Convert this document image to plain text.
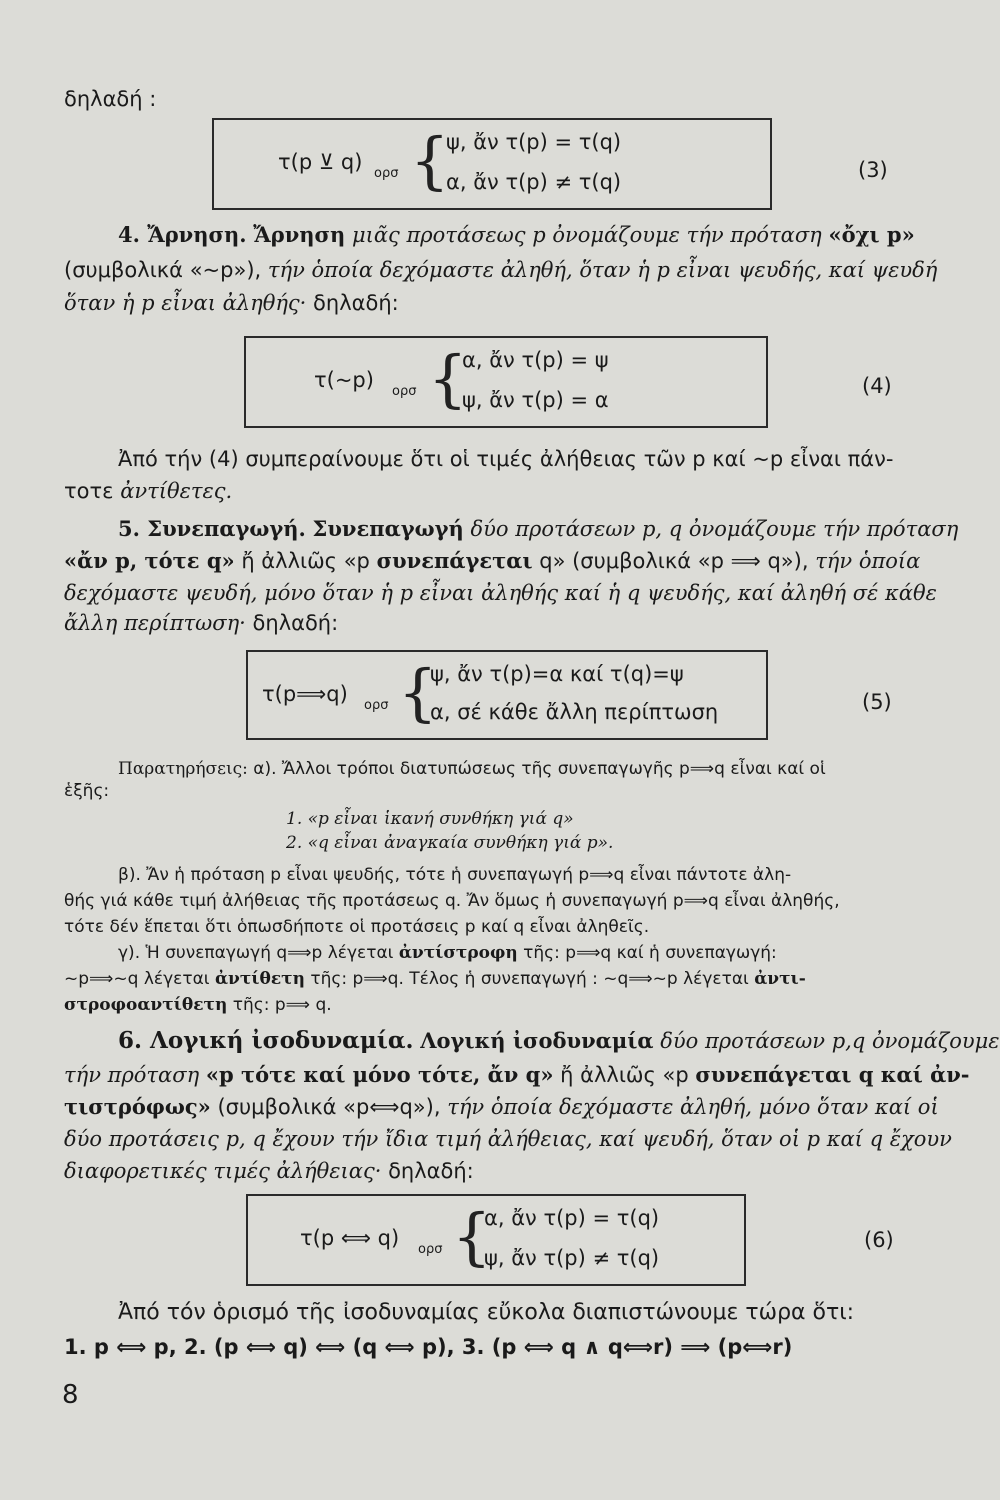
δηλαδή :
τ(p ⊻ q) ορσ {
ψ, ἄν τ(p) = τ(q)
α, ἄν τ(p) ≠ τ(q)	(3)
4. Ἄρνηση. Ἄρνηση μιᾶς προτάσεως p ὀνομάζουμε τήν πρόταση «ὄχι p»
(συμβολικά «~p»), τήν ὁποία δεχόμαστε ἀληθή, ὅταν ἡ p εἶναι ψευδής, καί ψευδή
ὅταν ἡ p εἶναι ἀληθής· δηλαδή:
τ(~p) ορσ {
α, ἄν τ(p) = ψ
ψ, ἄν τ(p) = α
(4)
Ἀπό τήν (4) συμπεραίνουμε ὅτι οἱ τιμές ἀλήθειας τῶν p καί ~p εἶναι πάν-
τοτε ἀντίθετες.
5. Συνεπαγωγή. Συνεπαγωγή δύο προτάσεων p, q ὀνομάζουμε τήν πρόταση
«ἄν p, τότε q» ἤ ἀλλιῶς «p συνεπάγεται q» (συμβολικά «p ⟹ q»), τήν ὁποία
δεχόμαστε ψευδή, μόνο ὅταν ἡ p εἶναι ἀληθής καί ἡ q ψευδής, καί ἀληθή σέ κάθε
ἄλλη περίπτωση· δηλαδή:
τ(p⟹q) ορσ {
ψ, ἄν τ(p)=α καί τ(q)=ψ
α, σέ κάθε ἄλλη περίπτωση	(5)
Παρατηρήσεις: α). Ἄλλοι τρόποι διατυπώσεως τῆς συνεπαγωγῆς p⟹q εἶναι καί οἱ
ἑξῆς:
1. «p εἶναι ἱκανή συνθήκη γιά q»
2. «q εἶναι ἀναγκαία συνθήκη γιά p».
β). Ἄν ἡ πρόταση p εἶναι ψευδής, τότε ἡ συνεπαγωγή p⟹q εἶναι πάντοτε ἀλη-
θής γιά κάθε τιμή ἀλήθειας τῆς προτάσεως q. Ἄν ὅμως ἡ συνεπαγωγή p⟹q εἶναι ἀληθής,
τότε δέν ἕπεται ὅτι ὁπωσδήποτε οἱ προτάσεις p καί q εἶναι ἀληθεῖς.
γ). Ἡ συνεπαγωγή q⟹p λέγεται ἀντίστροφη τῆς: p⟹q καί ἡ συνεπαγωγή:
~p⟹~q λέγεται ἀντίθετη τῆς: p⟹q. Τέλος ἡ συνεπαγωγή : ~q⟹~p λέγεται ἀντι-
στροφοαντίθετη τῆς: p⟹ q.
6. Λογική ἰσοδυναμία. Λογική ἰσοδυναμία δύο προτάσεων p,q ὀνομάζουμε
τήν πρόταση «p τότε καί μόνο τότε, ἄν q» ἤ ἀλλιῶς «p συνεπάγεται q καί ἀν-
τιστρόφως» (συμβολικά «p⟺q»), τήν ὁποία δεχόμαστε ἀληθή, μόνο ὅταν καί οἱ
δύο προτάσεις p, q ἔχουν τήν ἴδια τιμή ἀλήθειας, καί ψευδή, ὅταν οἱ p καί q ἔχουν
διαφορετικές τιμές ἀλήθειας· δηλαδή:
τ(p ⟺ q) ορσ {
α, ἄν τ(p) = τ(q)
ψ, ἄν τ(p) ≠ τ(q)
(6)
Ἀπό τόν ὁρισμό τῆς ἰσοδυναμίας εὔκολα διαπιστώνουμε τώρα ὅτι:
1. p ⟺ p, 2. (p ⟺ q) ⟺ (q ⟺ p), 3. (p ⟺ q ∧ q⟺r) ⟹ (p⟺r)
8
